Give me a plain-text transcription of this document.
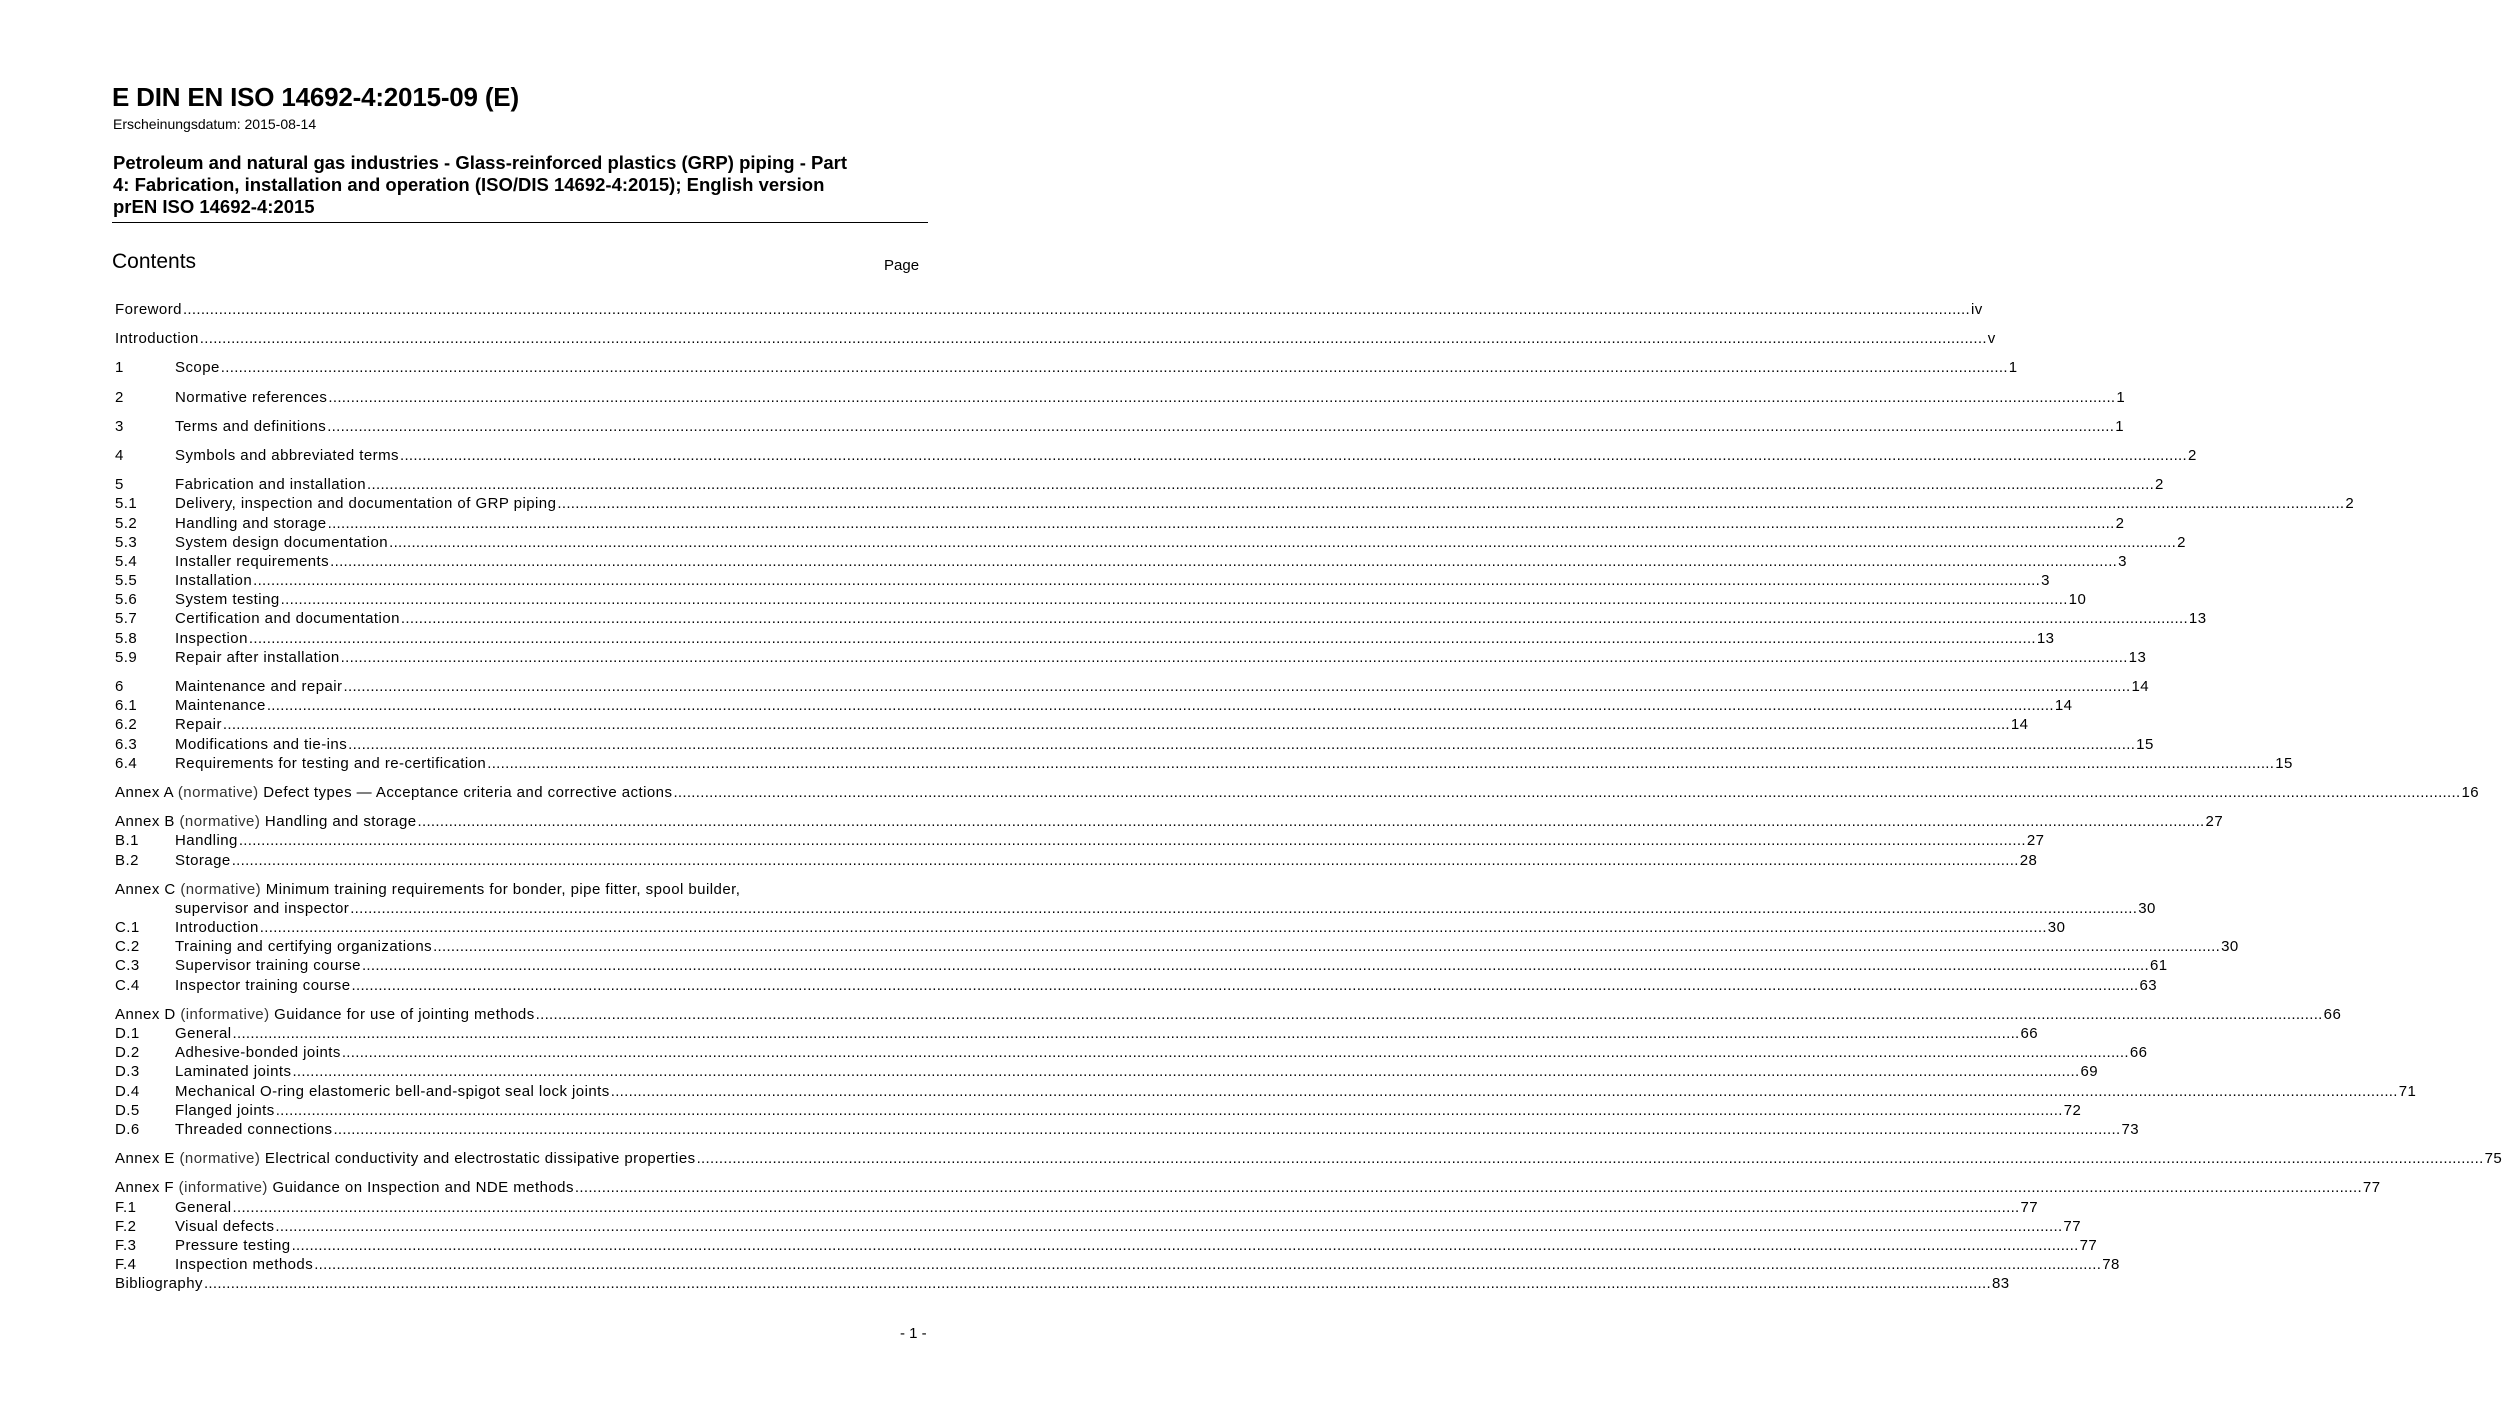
E DIN EN ISO 14692-4:2015-09 (E)
Erscheinungsdatum: 2015-08-14
Petroleum and natural gas industries - Glass-reinforced plastics (GRP) piping - Part
4: Fabrication, installation and operation (ISO/DIS 14692-4:2015); English version
prEN ISO 14692-4:2015
Contents	Page
Foreword ................................................................................................................................................................................................................................................................................................................................................................................................................ iv
Introduction ................................................................................................................................................................................................................................................................................................................................................................................................................ v
1	Scope ................................................................................................................................................................................................................................................................................................................................................................................................................ 1
2	Normative references ................................................................................................................................................................................................................................................................................................................................................................................................................ 1
3	Terms and definitions ................................................................................................................................................................................................................................................................................................................................................................................................................ 1
4	Symbols and abbreviated terms ................................................................................................................................................................................................................................................................................................................................................................................................................ 2
5	Fabrication and installation ................................................................................................................................................................................................................................................................................................................................................................................................................ 2
5.1	Delivery, inspection and documentation of GRP piping ................................................................................................................................................................................................................................................................................................................................................................................................................ 2
5.2	Handling and storage ................................................................................................................................................................................................................................................................................................................................................................................................................ 2
5.3	System design documentation ................................................................................................................................................................................................................................................................................................................................................................................................................ 2
5.4	Installer requirements ................................................................................................................................................................................................................................................................................................................................................................................................................ 3
5.5	Installation ................................................................................................................................................................................................................................................................................................................................................................................................................ 3
5.6	System testing ................................................................................................................................................................................................................................................................................................................................................................................................................ 10
5.7	Certification and documentation ................................................................................................................................................................................................................................................................................................................................................................................................................ 13
5.8	Inspection ................................................................................................................................................................................................................................................................................................................................................................................................................ 13
5.9	Repair after installation ................................................................................................................................................................................................................................................................................................................................................................................................................ 13
6	Maintenance and repair ................................................................................................................................................................................................................................................................................................................................................................................................................ 14
6.1	Maintenance ................................................................................................................................................................................................................................................................................................................................................................................................................ 14
6.2	Repair ................................................................................................................................................................................................................................................................................................................................................................................................................ 14
6.3	Modifications and tie-ins ................................................................................................................................................................................................................................................................................................................................................................................................................ 15
6.4	Requirements for testing and re-certification ................................................................................................................................................................................................................................................................................................................................................................................................................ 15
Annex A (normative) Defect types — Acceptance criteria and corrective actions ................................................................................................................................................................................................................................................................................................................................................................................................................ 16
Annex B (normative) Handling and storage ................................................................................................................................................................................................................................................................................................................................................................................................................ 27
B.1	Handling ................................................................................................................................................................................................................................................................................................................................................................................................................ 27
B.2	Storage ................................................................................................................................................................................................................................................................................................................................................................................................................ 28
Annex C (normative) Minimum training requirements for bonder, pipe fitter, spool builder,
supervisor and inspector ................................................................................................................................................................................................................................................................................................................................................................................................................ 30
C.1	Introduction ................................................................................................................................................................................................................................................................................................................................................................................................................ 30
C.2	Training and certifying organizations ................................................................................................................................................................................................................................................................................................................................................................................................................ 30
C.3	Supervisor training course ................................................................................................................................................................................................................................................................................................................................................................................................................ 61
C.4	Inspector training course ................................................................................................................................................................................................................................................................................................................................................................................................................ 63
Annex D (informative) Guidance for use of jointing methods ................................................................................................................................................................................................................................................................................................................................................................................................................ 66
D.1	General ................................................................................................................................................................................................................................................................................................................................................................................................................ 66
D.2	Adhesive-bonded joints ................................................................................................................................................................................................................................................................................................................................................................................................................ 66
D.3	Laminated joints ................................................................................................................................................................................................................................................................................................................................................................................................................ 69
D.4	Mechanical O-ring elastomeric bell-and-spigot seal lock joints ................................................................................................................................................................................................................................................................................................................................................................................................................ 71
D.5	Flanged joints ................................................................................................................................................................................................................................................................................................................................................................................................................ 72
D.6	Threaded connections ................................................................................................................................................................................................................................................................................................................................................................................................................ 73
Annex E (normative) Electrical conductivity and electrostatic dissipative properties ................................................................................................................................................................................................................................................................................................................................................................................................................ 75
Annex F (informative) Guidance on Inspection and NDE methods ................................................................................................................................................................................................................................................................................................................................................................................................................ 77
F.1	General ................................................................................................................................................................................................................................................................................................................................................................................................................ 77
F.2	Visual defects ................................................................................................................................................................................................................................................................................................................................................................................................................ 77
F.3	Pressure testing ................................................................................................................................................................................................................................................................................................................................................................................................................ 77
F.4	Inspection methods ................................................................................................................................................................................................................................................................................................................................................................................................................ 78
Bibliography ................................................................................................................................................................................................................................................................................................................................................................................................................ 83
- 1 -
